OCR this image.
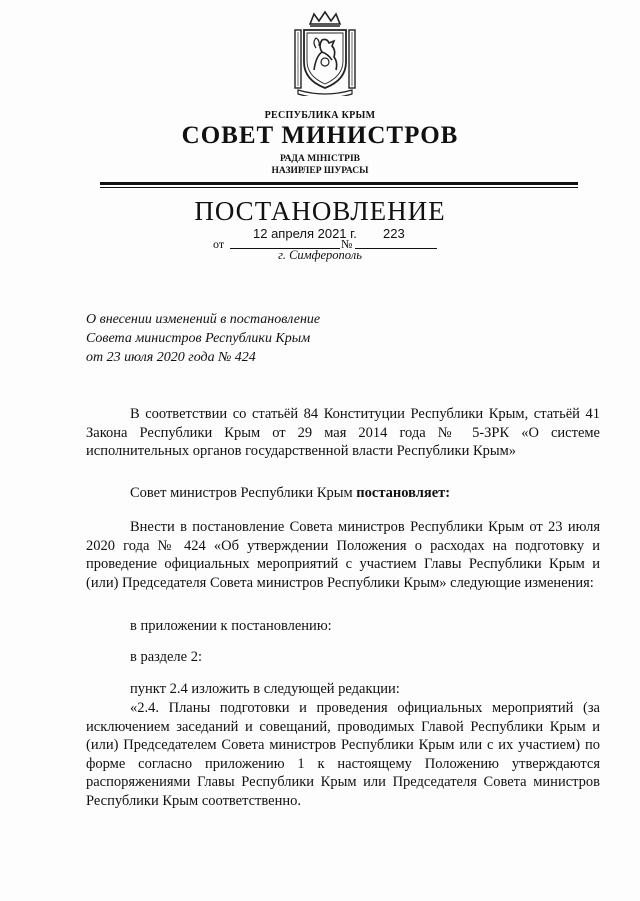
РЕСПУБЛИКА КРЫМ
СОВЕТ МИНИСТРОВ
РАДА МІНІСТРІВ
НАЗИРЛЕР ШУРАСЫ
ПОСТАНОВЛЕНИЕ
12 апреля 2021 г. 223
от	№
г. Симферополь
О внесении изменений в постановление
Совета министров Республики Крым
от 23 июля 2020 года № 424
В соответствии со статьёй 84 Конституции Республики Крым, статьёй 41 Закона Республики Крым от 29 мая 2014 года № 5-ЗРК «О системе исполнительных органов государственной власти Республики Крым»
Совет министров Республики Крым постановляет:
Внести в постановление Совета министров Республики Крым от 23 июля 2020 года № 424 «Об утверждении Положения о расходах на подготовку и проведение официальных мероприятий с участием Главы Республики Крым и (или) Председателя Совета министров Республики Крым» следующие изменения:
в приложении к постановлению:
в разделе 2:
пункт 2.4 изложить в следующей редакции:
«2.4. Планы подготовки и проведения официальных мероприятий (за исключением заседаний и совещаний, проводимых Главой Республики Крым и (или) Председателем Совета министров Республики Крым или с их участием) по форме согласно приложению 1 к настоящему Положению утверждаются распоряжениями Главы Республики Крым или Председателя Совета министров Республики Крым соответственно.
